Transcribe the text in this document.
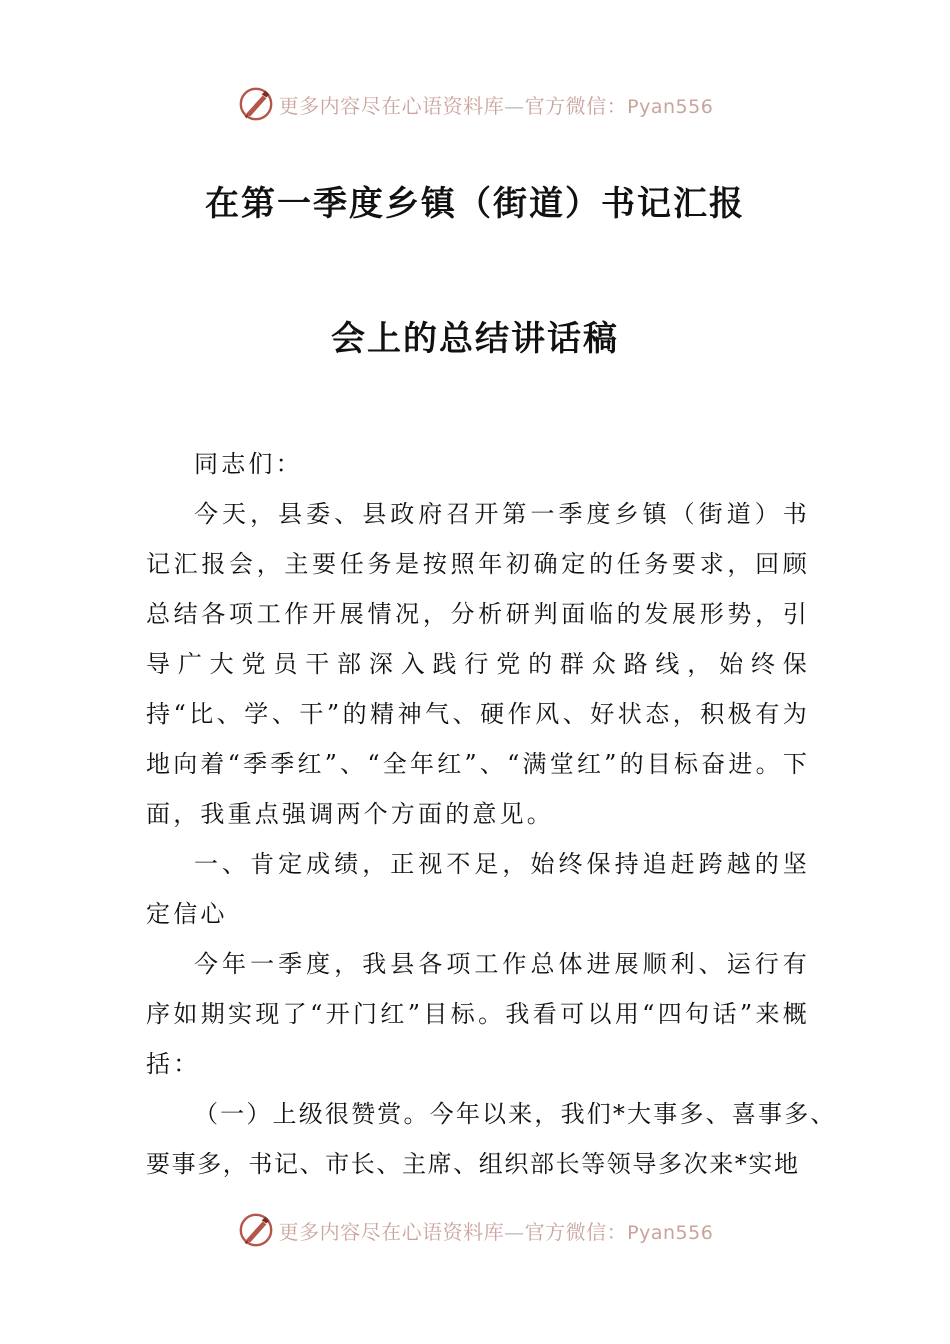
更多内容尽在心语资料库—官方微信：Pyan556
在第一季度乡镇（街道）书记汇报
会上的总结讲话稿

同志们：

今天，县委、县政府召开第一季度乡镇（街道）书记汇报会，主要任务是按照年初确定的任务要求，回顾总结各项工作开展情况，分析研判面临的发展形势，引导广大党员干部深入践行党的群众路线，始终保持“比、学、干”的精神气、硬作风、好状态，积极有为地向着“季季红”、“全年红”、“满堂红”的目标奋进。下面，我重点强调两个方面的意见。

一、肯定成绩，正视不足，始终保持追赶跨越的坚定信心

今年一季度，我县各项工作总体进展顺利、运行有序如期实现了“开门红”目标。我看可以用“四句话”来概括：

（一）上级很赞赏。今年以来，我们*大事多、喜事多、要事多，书记、市长、主席、组织部长等领导多次来*实地

更多内容尽在心语资料库—官方微信：Pyan556
